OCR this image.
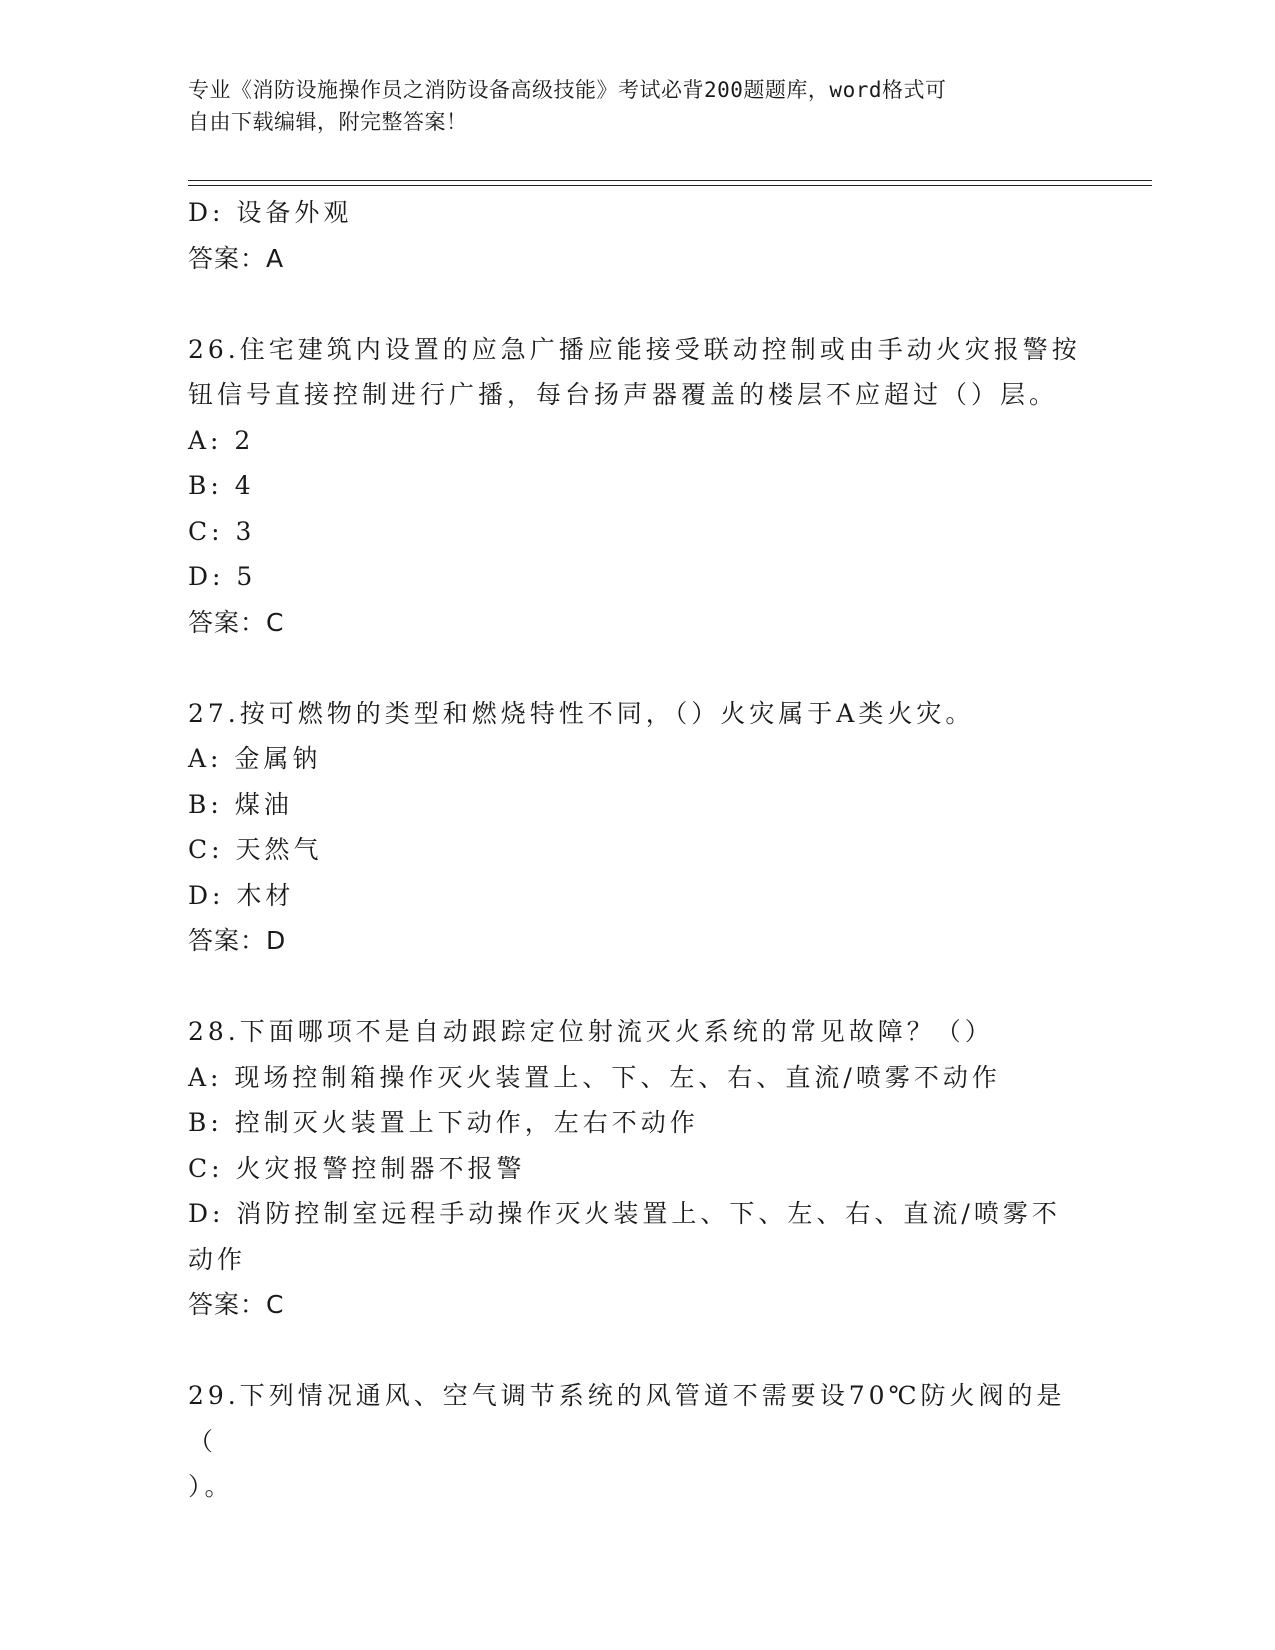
专业《消防设施操作员之消防设备高级技能》考试必背200题题库，word格式可
自由下载编辑，附完整答案！
D: 设备外观
答案：A
26.住宅建筑内设置的应急广播应能接受联动控制或由手动火灾报警按
钮信号直接控制进行广播，每台扬声器覆盖的楼层不应超过（）层。
A: 2
B: 4
C: 3
D: 5
答案：C
27.按可燃物的类型和燃烧特性不同，（）火灾属于A类火灾。
A: 金属钠
B: 煤油
C: 天然气
D: 木材
答案：D
28.下面哪项不是自动跟踪定位射流灭火系统的常见故障？（）
A: 现场控制箱操作灭火装置上、下、左、右、直流/喷雾不动作
B: 控制灭火装置上下动作，左右不动作
C: 火灾报警控制器不报警
D: 消防控制室远程手动操作灭火装置上、下、左、右、直流/喷雾不
动作
答案：C
29.下列情况通风、空气调节系统的风管道不需要设70℃防火阀的是（
）。
